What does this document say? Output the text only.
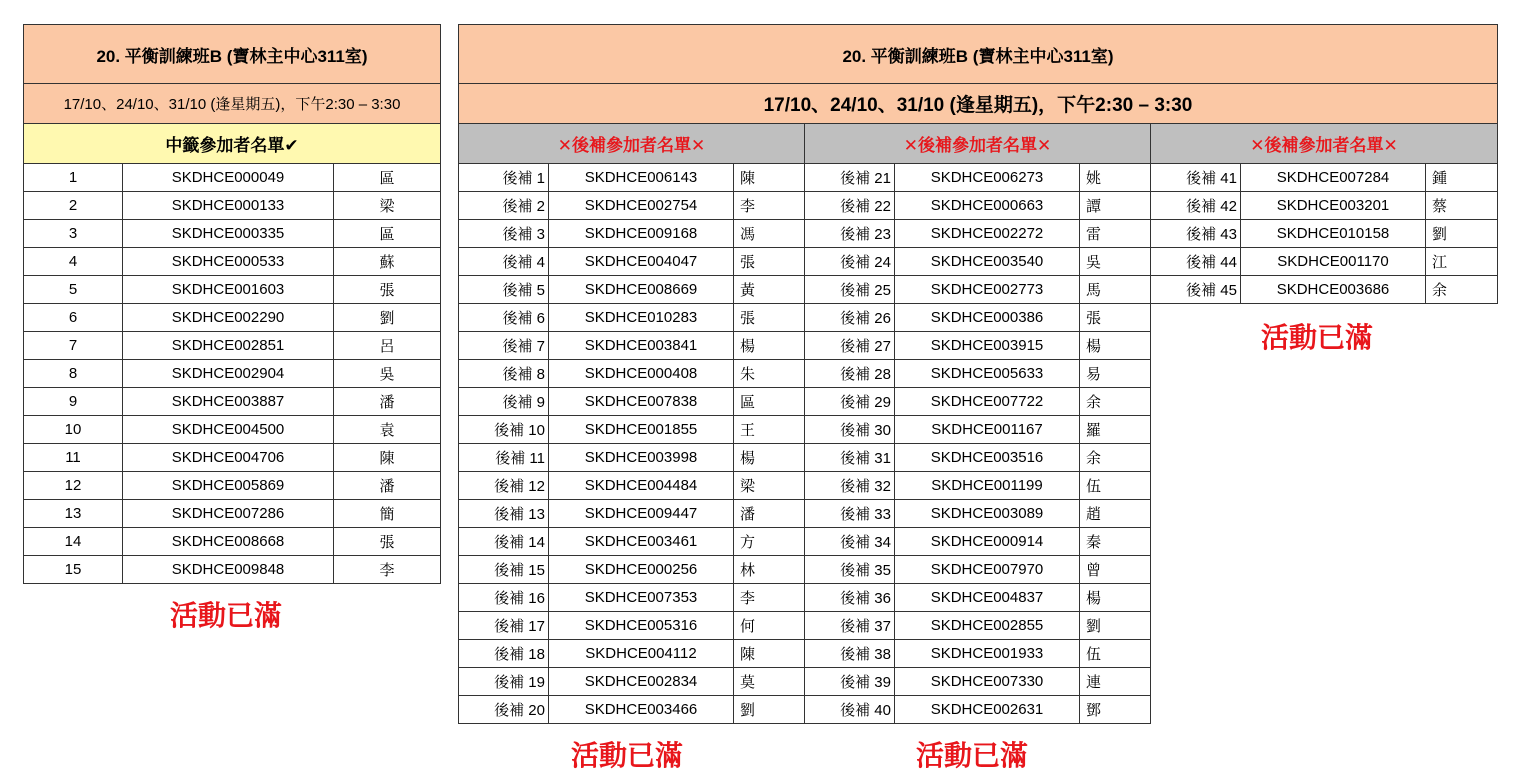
20. 平衡訓練班B (寶林主中心311室)		
17/10、24/10、31/10 (逢星期五)，下午2:30 – 3:30		
中籤參加者名單✔		
1	SKDHCE000049	區
2	SKDHCE000133	梁
3	SKDHCE000335	區
4	SKDHCE000533	蘇
5	SKDHCE001603	張
6	SKDHCE002290	劉
7	SKDHCE002851	呂
8	SKDHCE002904	吳
9	SKDHCE003887	潘
10	SKDHCE004500	袁
11	SKDHCE004706	陳
12	SKDHCE005869	潘
13	SKDHCE007286	簡
14	SKDHCE008668	張
15	SKDHCE009848	李
活動已滿
20. 平衡訓練班B (寶林主中心311室)								
17/10、24/10、31/10 (逢星期五)，下午2:30 – 3:30								
✕後補參加者名單✕			✕後補參加者名單✕			✕後補參加者名單✕		
後補 1	SKDHCE006143	陳	後補 21	SKDHCE006273	姚	後補 41	SKDHCE007284	鍾
後補 2	SKDHCE002754	李	後補 22	SKDHCE000663	譚	後補 42	SKDHCE003201	蔡
後補 3	SKDHCE009168	馮	後補 23	SKDHCE002272	雷	後補 43	SKDHCE010158	劉
後補 4	SKDHCE004047	張	後補 24	SKDHCE003540	吳	後補 44	SKDHCE001170	江
後補 5	SKDHCE008669	黃	後補 25	SKDHCE002773	馬	後補 45	SKDHCE003686	余
後補 6	SKDHCE010283	張	後補 26	SKDHCE000386	張			
後補 7	SKDHCE003841	楊	後補 27	SKDHCE003915	楊			
後補 8	SKDHCE000408	朱	後補 28	SKDHCE005633	易			
後補 9	SKDHCE007838	區	後補 29	SKDHCE007722	余			
後補 10	SKDHCE001855	王	後補 30	SKDHCE001167	羅			
後補 11	SKDHCE003998	楊	後補 31	SKDHCE003516	余			
後補 12	SKDHCE004484	梁	後補 32	SKDHCE001199	伍			
後補 13	SKDHCE009447	潘	後補 33	SKDHCE003089	趙			
後補 14	SKDHCE003461	方	後補 34	SKDHCE000914	秦			
後補 15	SKDHCE000256	林	後補 35	SKDHCE007970	曾			
後補 16	SKDHCE007353	李	後補 36	SKDHCE004837	楊			
後補 17	SKDHCE005316	何	後補 37	SKDHCE002855	劉			
後補 18	SKDHCE004112	陳	後補 38	SKDHCE001933	伍			
後補 19	SKDHCE002834	莫	後補 39	SKDHCE007330	連			
後補 20	SKDHCE003466	劉	後補 40	SKDHCE002631	鄧			
活動已滿	活動已滿
活動已滿
